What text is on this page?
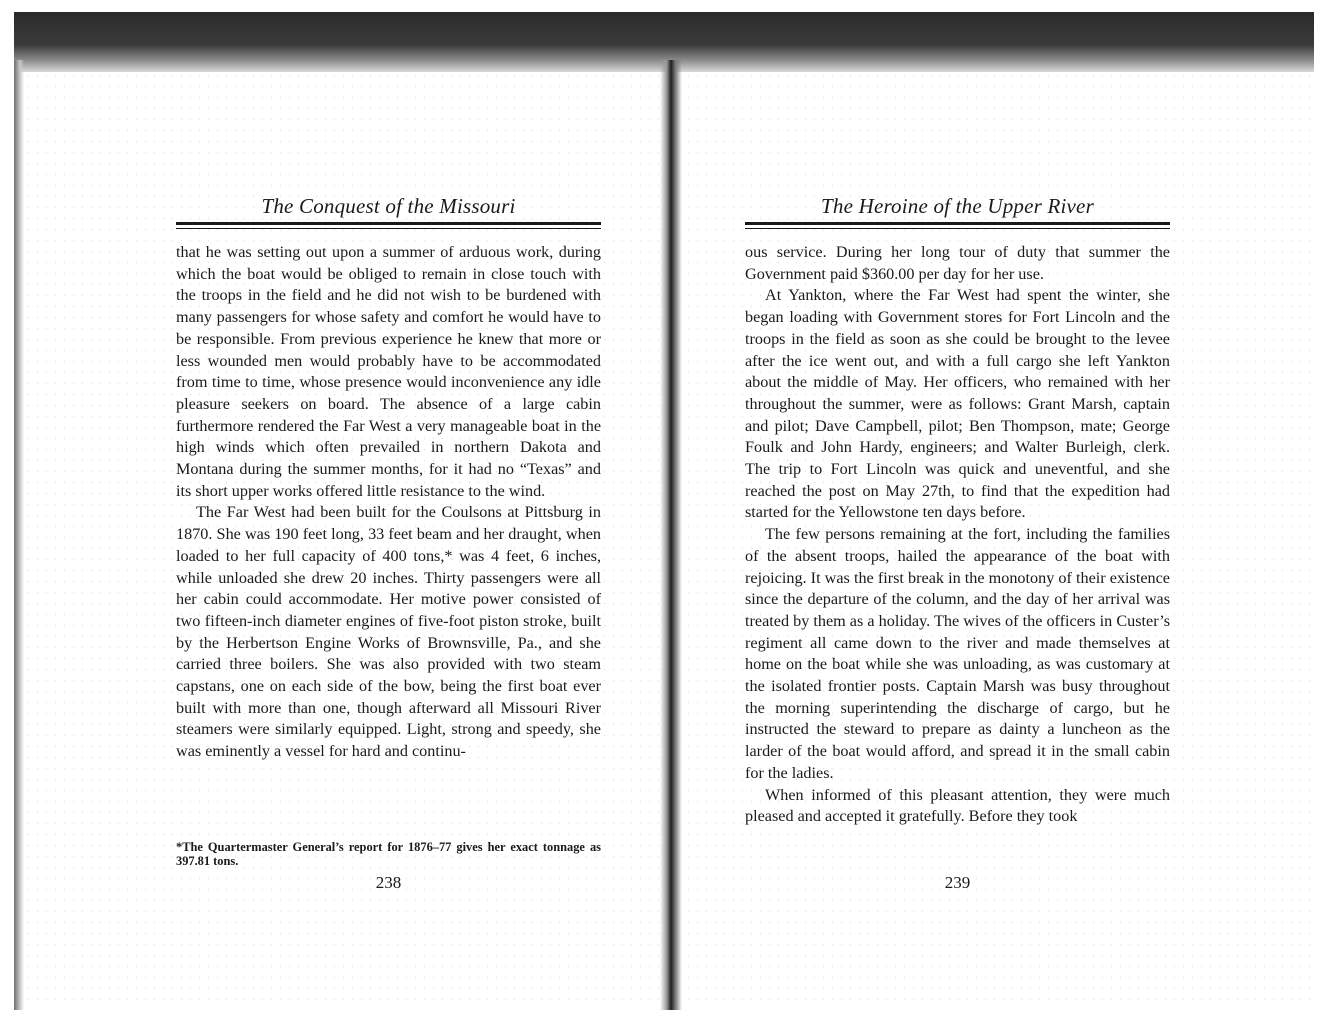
The Conquest of the Missouri

that he was setting out upon a summer of arduous work, during which the boat would be obliged to remain in close touch with the troops in the field and he did not wish to be burdened with many passengers for whose safety and comfort he would have to be responsible. From previous experience he knew that more or less wounded men would probably have to be accommodated from time to time, whose presence would inconvenience any idle pleasure seekers on board. The absence of a large cabin furthermore rendered the Far West a very manageable boat in the high winds which often prevailed in northern Dakota and Montana during the summer months, for it had no “Texas” and its short upper works offered little resistance to the wind.

The Far West had been built for the Coulsons at Pittsburg in 1870. She was 190 feet long, 33 feet beam and her draught, when loaded to her full capacity of 400 tons,* was 4 feet, 6 inches, while unloaded she drew 20 inches. Thirty passengers were all her cabin could accommodate. Her motive power consisted of two fifteen-inch diameter engines of five-foot piston stroke, built by the Herbertson Engine Works of Brownsville, Pa., and she carried three boilers. She was also provided with two steam capstans, one on each side of the bow, being the first boat ever built with more than one, though afterward all Missouri River steamers were similarly equipped. Light, strong and speedy, she was eminently a vessel for hard and continu-

*The Quartermaster General’s report for 1876–77 gives her exact tonnage as 397.81 tons.

238
The Heroine of the Upper River

ous service. During her long tour of duty that summer the Government paid $360.00 per day for her use.

At Yankton, where the Far West had spent the winter, she began loading with Government stores for Fort Lincoln and the troops in the field as soon as she could be brought to the levee after the ice went out, and with a full cargo she left Yankton about the middle of May. Her officers, who remained with her throughout the summer, were as follows: Grant Marsh, captain and pilot; Dave Campbell, pilot; Ben Thompson, mate; George Foulk and John Hardy, engineers; and Walter Burleigh, clerk. The trip to Fort Lincoln was quick and uneventful, and she reached the post on May 27th, to find that the expedition had started for the Yellowstone ten days before.

The few persons remaining at the fort, including the families of the absent troops, hailed the appearance of the boat with rejoicing. It was the first break in the monotony of their existence since the departure of the column, and the day of her arrival was treated by them as a holiday. The wives of the officers in Custer’s regiment all came down to the river and made themselves at home on the boat while she was unloading, as was customary at the isolated frontier posts. Captain Marsh was busy throughout the morning superintending the discharge of cargo, but he instructed the steward to prepare as dainty a luncheon as the larder of the boat would afford, and spread it in the small cabin for the ladies.

When informed of this pleasant attention, they were much pleased and accepted it gratefully. Before they took

239
